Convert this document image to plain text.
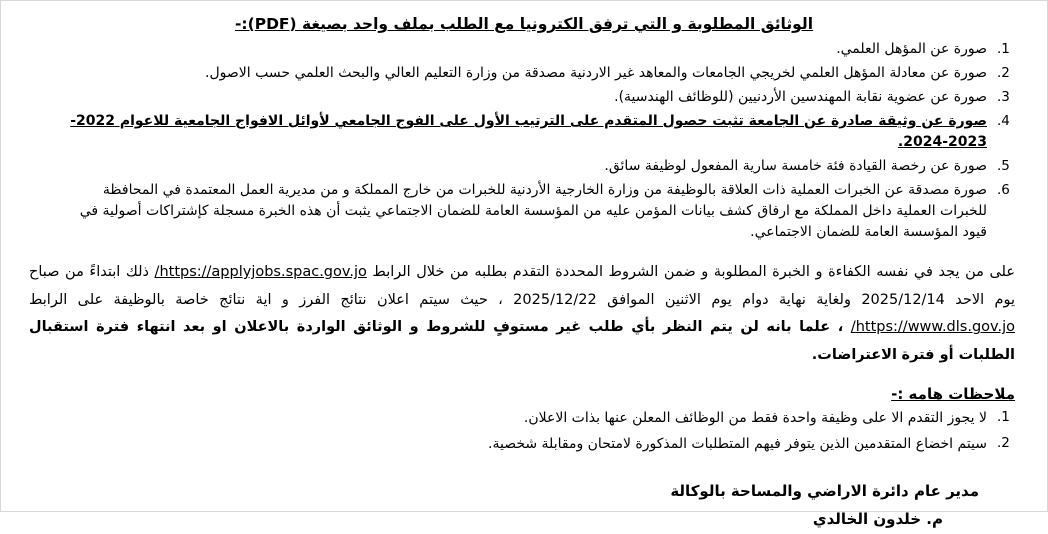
الوثائق المطلوبة و التي ترفق الكترونيا مع الطلب بملف واحد بصيغة (PDF):-
1.
صورة عن المؤهل العلمي.
2.
صورة عن معادلة المؤهل العلمي لخريجي الجامعات والمعاهد غير الاردنية مصدقة من وزارة التعليم العالي والبحث العلمي حسب الاصول.
3.
صورة عن عضوية نقابة المهندسين الأردنيين (للوظائف الهندسية).
4.
صورة عن وثيقة صادرة عن الجامعة تثبت حصول المتقدم على الترتيب الأول على الفوج الجامعي لأوائل الافواج الجامعية للاعوام 2022-2023-2024.
5.
صورة عن رخصة القيادة فئة خامسة سارية المفعول لوظيفة سائق.
6.
صورة مصدقة عن الخبرات العملية ذات العلاقة بالوظيفة من وزارة الخارجية الأردنية للخبرات من خارج المملكة و من مديرية العمل المعتمدة في المحافظة للخبرات العملية داخل المملكة مع ارفاق كشف بيانات المؤمن عليه من المؤسسة العامة للضمان الاجتماعي يثبت أن هذه الخبرة مسجلة كإشتراكات أصولية في قيود المؤسسة العامة للضمان الاجتماعي.
على من يجد في نفسه الكفاءة و الخبرة المطلوبة و ضمن الشروط المحددة التقدم بطلبه من خلال الرابط https://applyjobs.spac.gov.jo/ ذلك ابتداءً من صباح يوم الاحد 2025/12/14 ولغاية نهاية دوام يوم الاثنين الموافق 2025/12/22 ، حيث سيتم اعلان نتائج الفرز و اية نتائج خاصة بالوظيفة على الرابط https://www.dls.gov.jo/ ، علما بانه لن يتم النظر بأي طلب غير مستوفٍ للشروط و الوثائق الواردة بالاعلان او بعد انتهاء فترة استقبال الطلبات أو فترة الاعتراضات.
ملاحظات هامه :-
1.
لا يجوز التقدم الا على وظيفة واحدة فقط من الوظائف المعلن عنها بذات الاعلان.
2.
سيتم اخضاع المتقدمين الذين يتوفر فيهم المتطلبات المذكورة لامتحان ومقابلة شخصية.
مدير عام دائرة الاراضي والمساحة بالوكالة
م. خلدون الخالدي
